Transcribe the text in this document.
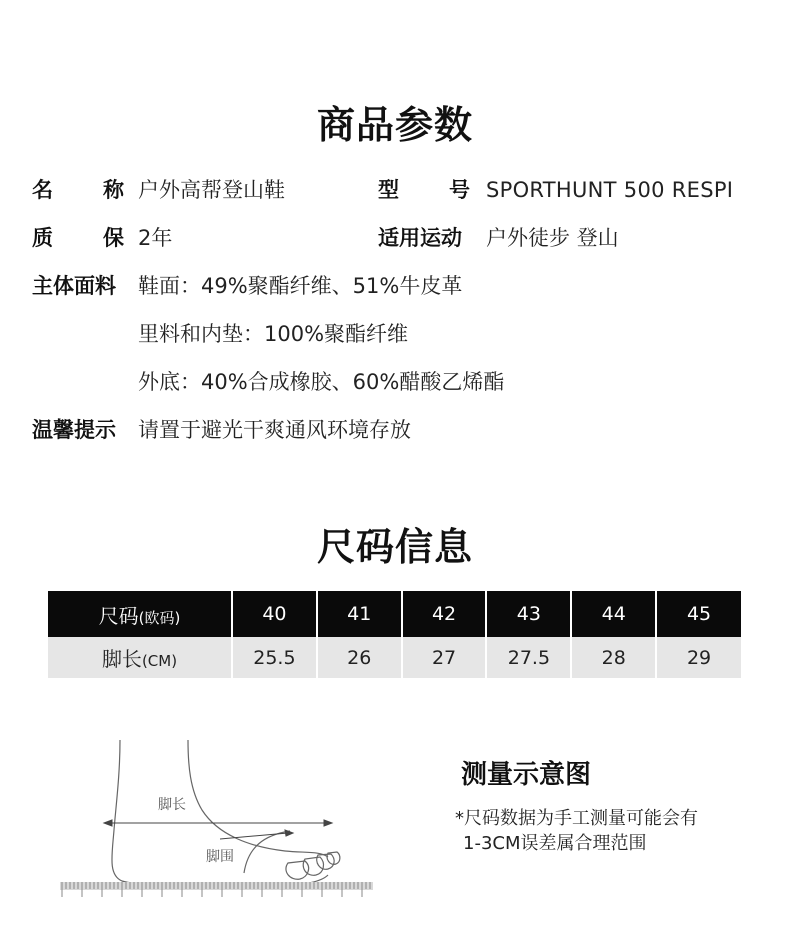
商品参数
名 称 户外高帮登山鞋	型 号 SPORTHUNT 500 RESPI
质 保 2年	适用运动 户外徒步 登山
主体面料 鞋面：49%聚酯纤维、51%牛皮革
里料和内垫：100%聚酯纤维
外底：40%合成橡胶、60%醋酸乙烯酯
温馨提示 请置于避光干爽通风环境存放
尺码信息
尺码(欧码)	40	41	42	43	44	45
脚长(CM)	25.5	26	27	27.5	28	29
脚长
脚围
测量示意图
*尺码数据为手工测量可能会有
1-3CM误差属合理范围
